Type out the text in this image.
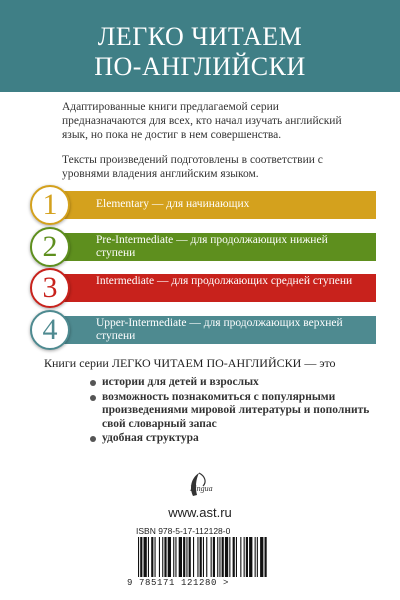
ЛЕГКО ЧИТАЕМ
ПО-АНГЛИЙСКИ
Адаптированные книги предлагаемой серии предназначаются для всех, кто начал изучать английский язык, но пока не достиг в нем совершенства.
Тексты произведений подготовлены в соответствии с уровнями владения английским языком.
Elementary — для начинающих
1
Pre-Intermediate — для продолжающих нижней ступени
2
Intermediate — для продолжающих средней ступени
3
Upper-Intermediate — для продолжающих верхней ступени
4
Книги серии ЛЕГКО ЧИТАЕМ ПО-АНГЛИЙСКИ — это
истории для детей и взрослых
возможность познакомиться с популярными произведениями мировой литературы и пополнить свой словарный запас
удобная структура
Lingua
www.ast.ru
ISBN 978-5-17-112128-0
9 785171 121280 >
